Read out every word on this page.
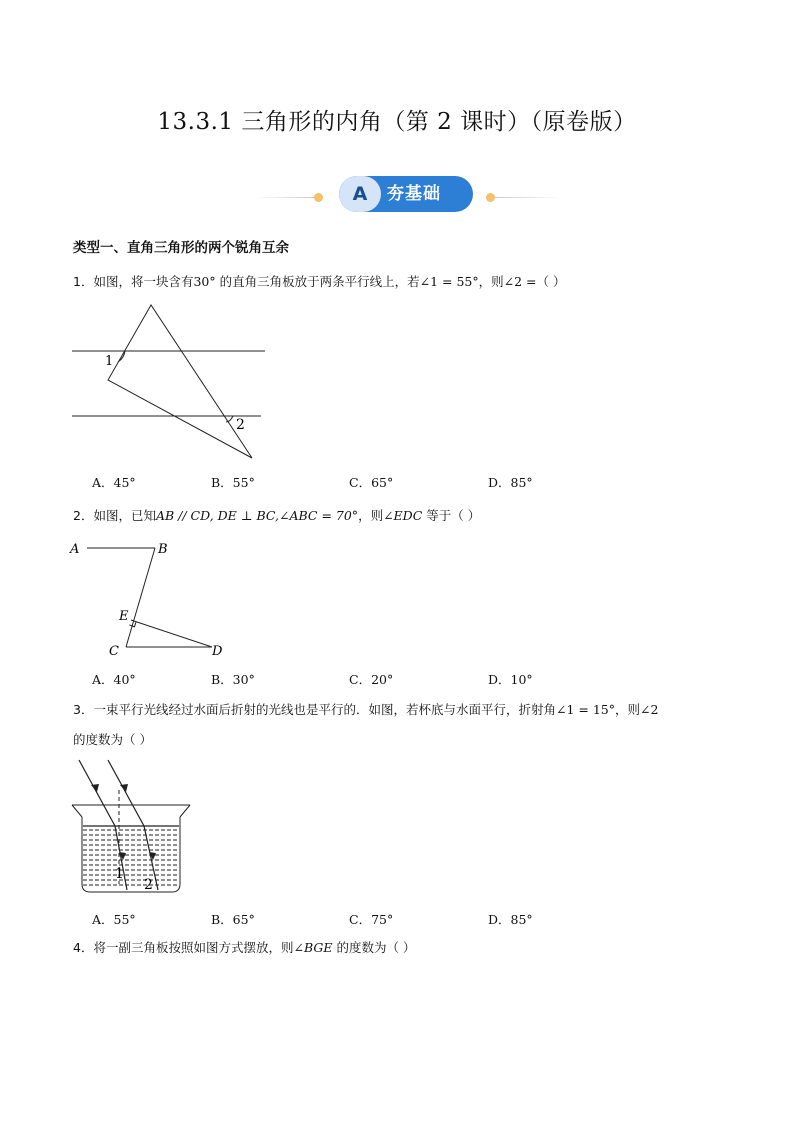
13.3.1 三角形的内角（第 2 课时）（原卷版）
A	夯基础
类型一、直角三角形的两个锐角互余
1．如图，将一块含有30° 的直角三角板放于两条平行线上，若∠1 = 55°，则∠2 =（ ）
1
2
A．45°	B．55°	C．65°	D．85°
2．如图，已知AB // CD, DE ⊥ BC,∠ABC = 70°，则∠EDC 等于（ ）
A	B
E
C	D
A．40°	B．30°	C．20°	D．10°
3．一束平行光线经过水面后折射的光线也是平行的．如图，若杯底与水面平行，折射角∠1 = 15°，则∠2
的度数为（ ）
1
2
A．55°	B．65°	C．75°	D．85°
4．将一副三角板按照如图方式摆放，则∠BGE 的度数为（ ）
